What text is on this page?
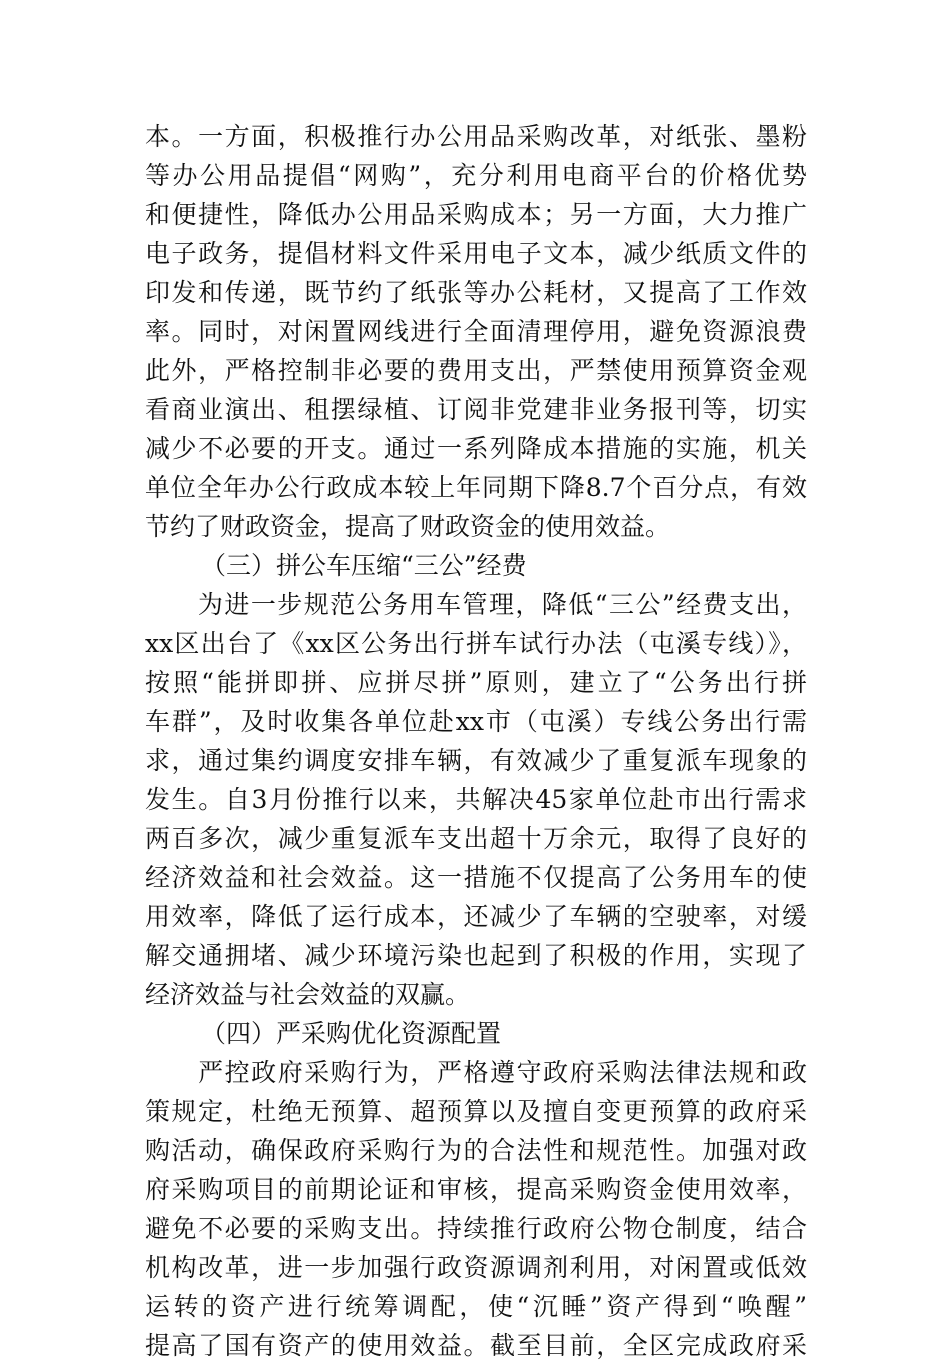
本。一方面，积极推行办公用品采购改革，对纸张、墨粉
等办公用品提倡“网购”，充分利用电商平台的价格优势
和便捷性，降低办公用品采购成本；另一方面，大力推广
电子政务，提倡材料文件采用电子文本，减少纸质文件的
印发和传递，既节约了纸张等办公耗材，又提高了工作效
率。同时，对闲置网线进行全面清理停用，避免资源浪费
此外，严格控制非必要的费用支出，严禁使用预算资金观
看商业演出、租摆绿植、订阅非党建非业务报刊等，切实
减少不必要的开支。通过一系列降成本措施的实施，机关
单位全年办公行政成本较上年同期下降8.7个百分点，有效
节约了财政资金，提高了财政资金的使用效益。
（三）拼公车压缩“三公”经费
　　为进一步规范公务用车管理，降低“三公”经费支出，
xx区出台了《xx区公务出行拼车试行办法（屯溪专线）》，
按照“能拼即拼、应拼尽拼”原则，建立了“公务出行拼
车群”，及时收集各单位赴xx市（屯溪）专线公务出行需
求，通过集约调度安排车辆，有效减少了重复派车现象的
发生。自3月份推行以来，共解决45家单位赴市出行需求
两百多次，减少重复派车支出超十万余元，取得了良好的
经济效益和社会效益。这一措施不仅提高了公务用车的使
用效率，降低了运行成本，还减少了车辆的空驶率，对缓
解交通拥堵、减少环境污染也起到了积极的作用，实现了
经济效益与社会效益的双赢。
（四）严采购优化资源配置
　　严控政府采购行为，严格遵守政府采购法律法规和政
策规定，杜绝无预算、超预算以及擅自变更预算的政府采
购活动，确保政府采购行为的合法性和规范性。加强对政
府采购项目的前期论证和审核，提高采购资金使用效率，
避免不必要的采购支出。持续推行政府公物仓制度，结合
机构改革，进一步加强行政资源调剂利用，对闲置或低效
运转的资产进行统筹调配，使“沉睡”资产得到“唤醒”
提高了国有资产的使用效益。截至目前，全区完成政府采
